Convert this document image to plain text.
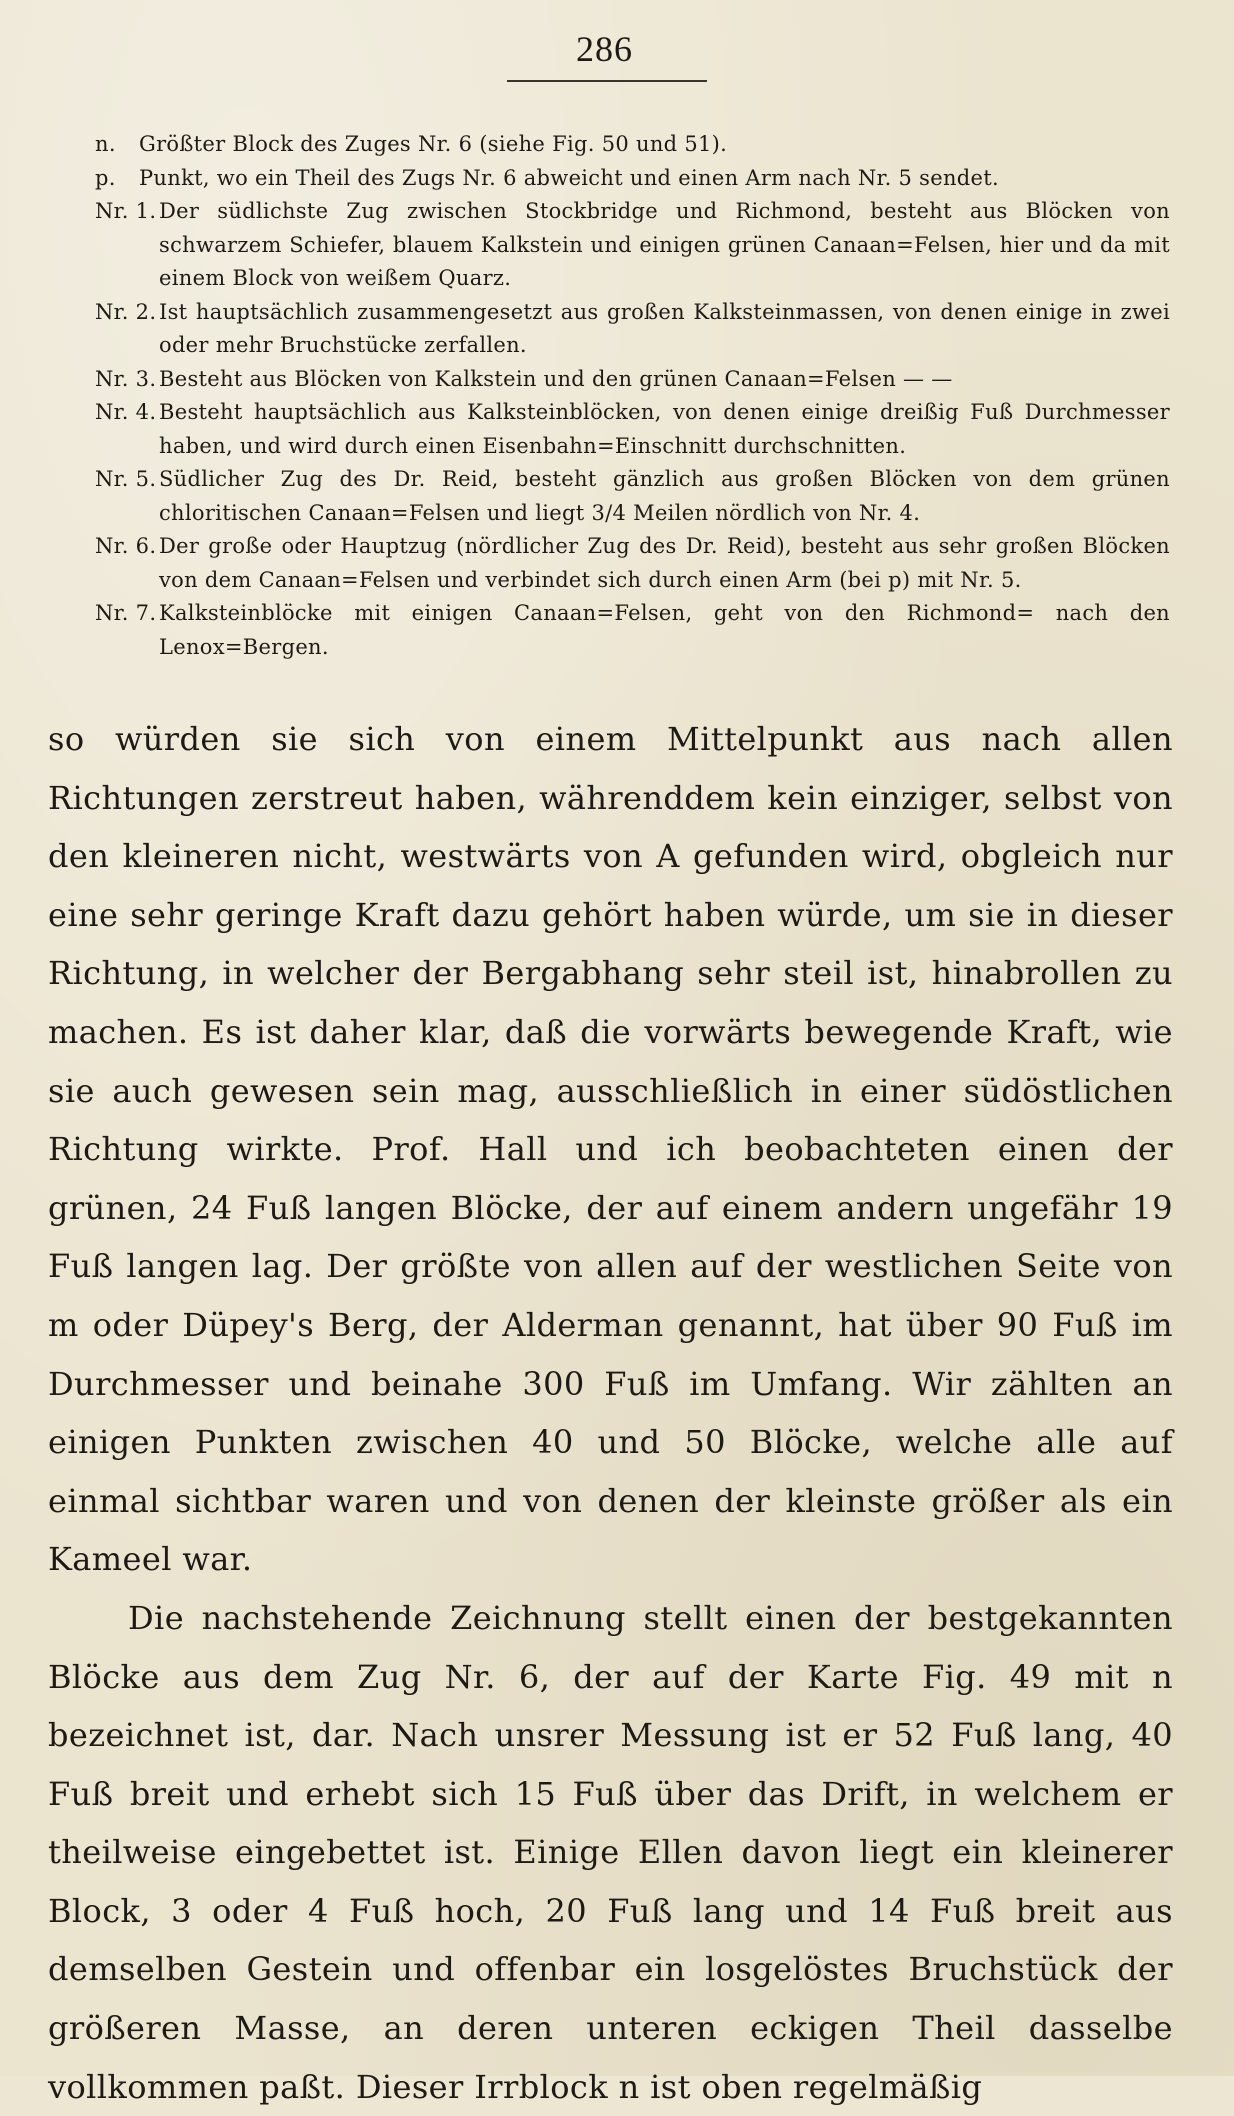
286
n.	Größter Block des Zuges Nr. 6 (siehe Fig. 50 und 51).
p.	Punkt, wo ein Theil des Zugs Nr. 6 abweicht und einen Arm nach Nr. 5 sendet.
Nr. 1. Der südlichste Zug zwischen Stockbridge und Richmond, besteht aus Blöcken von schwarzem Schiefer, blauem Kalkstein und einigen grünen Canaan=Felsen, hier und da mit einem Block von weißem Quarz.
Nr. 2. Ist hauptsächlich zusammengesetzt aus großen Kalksteinmassen, von denen einige in zwei oder mehr Bruchstücke zerfallen.
Nr. 3. Besteht aus Blöcken von Kalkstein und den grünen Canaan=Felsen — —
Nr. 4. Besteht hauptsächlich aus Kalksteinblöcken, von denen einige dreißig Fuß Durchmesser haben, und wird durch einen Eisenbahn=Einschnitt durchschnitten.
Nr. 5. Südlicher Zug des Dr. Reid, besteht gänzlich aus großen Blöcken von dem grünen chloritischen Canaan=Felsen und liegt 3/4 Meilen nördlich von Nr. 4.
Nr. 6. Der große oder Hauptzug (nördlicher Zug des Dr. Reid), besteht aus sehr großen Blöcken von dem Canaan=Felsen und verbindet sich durch einen Arm (bei p) mit Nr. 5.
Nr. 7. Kalksteinblöcke mit einigen Canaan=Felsen, geht von den Richmond= nach den Lenox=Bergen.

so würden sie sich von einem Mittelpunkt aus nach allen Richtungen zerstreut haben, währenddem kein einziger, selbst von den kleineren nicht, westwärts von A gefunden wird, obgleich nur eine sehr geringe Kraft dazu gehört haben würde, um sie in dieser Richtung, in welcher der Bergabhang sehr steil ist, hinabrollen zu machen. Es ist daher klar, daß die vorwärts bewegende Kraft, wie sie auch gewesen sein mag, ausschließlich in einer südöstlichen Richtung wirkte. Prof. Hall und ich beobachteten einen der grünen, 24 Fuß langen Blöcke, der auf einem andern ungefähr 19 Fuß langen lag. Der größte von allen auf der westlichen Seite von m oder Düpey's Berg, der Alderman genannt, hat über 90 Fuß im Durchmesser und beinahe 300 Fuß im Umfang. Wir zählten an einigen Punkten zwischen 40 und 50 Blöcke, welche alle auf einmal sichtbar waren und von denen der kleinste größer als ein Kameel war.

Die nachstehende Zeichnung stellt einen der bestgekannten Blöcke aus dem Zug Nr. 6, der auf der Karte Fig. 49 mit n bezeichnet ist, dar. Nach unsrer Messung ist er 52 Fuß lang, 40 Fuß breit und erhebt sich 15 Fuß über das Drift, in welchem er theilweise eingebettet ist. Einige Ellen davon liegt ein kleinerer Block, 3 oder 4 Fuß hoch, 20 Fuß lang und 14 Fuß breit aus demselben Gestein und offenbar ein losgelöstes Bruchstück der größeren Masse, an deren unteren eckigen Theil dasselbe vollkommen paßt. Dieser Irrblock n ist oben regelmäßig
